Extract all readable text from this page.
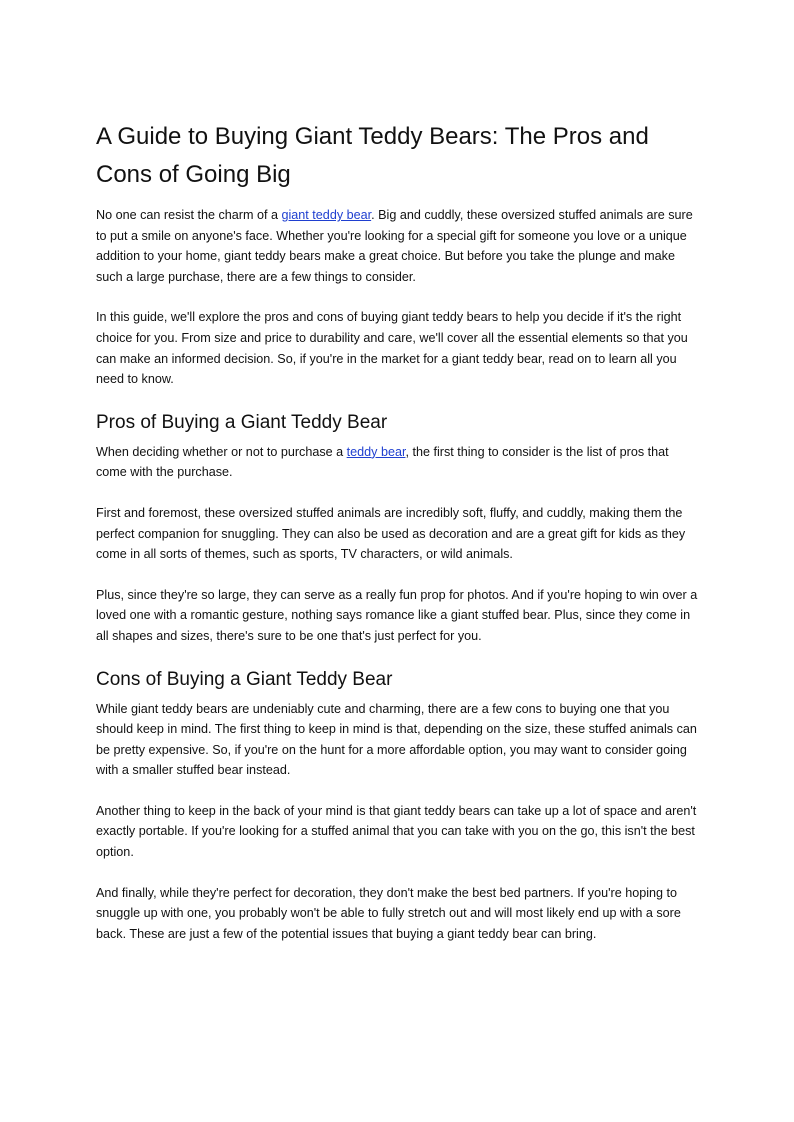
A Guide to Buying Giant Teddy Bears: The Pros and Cons of Going Big

No one can resist the charm of a giant teddy bear. Big and cuddly, these oversized stuffed animals are sure to put a smile on anyone's face. Whether you're looking for a special gift for someone you love or a unique addition to your home, giant teddy bears make a great choice. But before you take the plunge and make such a large purchase, there are a few things to consider.

In this guide, we'll explore the pros and cons of buying giant teddy bears to help you decide if it's the right choice for you. From size and price to durability and care, we'll cover all the essential elements so that you can make an informed decision. So, if you're in the market for a giant teddy bear, read on to learn all you need to know.

Pros of Buying a Giant Teddy Bear

When deciding whether or not to purchase a teddy bear, the first thing to consider is the list of pros that come with the purchase.

First and foremost, these oversized stuffed animals are incredibly soft, fluffy, and cuddly, making them the perfect companion for snuggling. They can also be used as decoration and are a great gift for kids as they come in all sorts of themes, such as sports, TV characters, or wild animals.

Plus, since they're so large, they can serve as a really fun prop for photos. And if you're hoping to win over a loved one with a romantic gesture, nothing says romance like a giant stuffed bear. Plus, since they come in all shapes and sizes, there's sure to be one that's just perfect for you.

Cons of Buying a Giant Teddy Bear

While giant teddy bears are undeniably cute and charming, there are a few cons to buying one that you should keep in mind. The first thing to keep in mind is that, depending on the size, these stuffed animals can be pretty expensive. So, if you're on the hunt for a more affordable option, you may want to consider going with a smaller stuffed bear instead.

Another thing to keep in the back of your mind is that giant teddy bears can take up a lot of space and aren't exactly portable. If you're looking for a stuffed animal that you can take with you on the go, this isn't the best option.

And finally, while they're perfect for decoration, they don't make the best bed partners. If you're hoping to snuggle up with one, you probably won't be able to fully stretch out and will most likely end up with a sore back. These are just a few of the potential issues that buying a giant teddy bear can bring.
